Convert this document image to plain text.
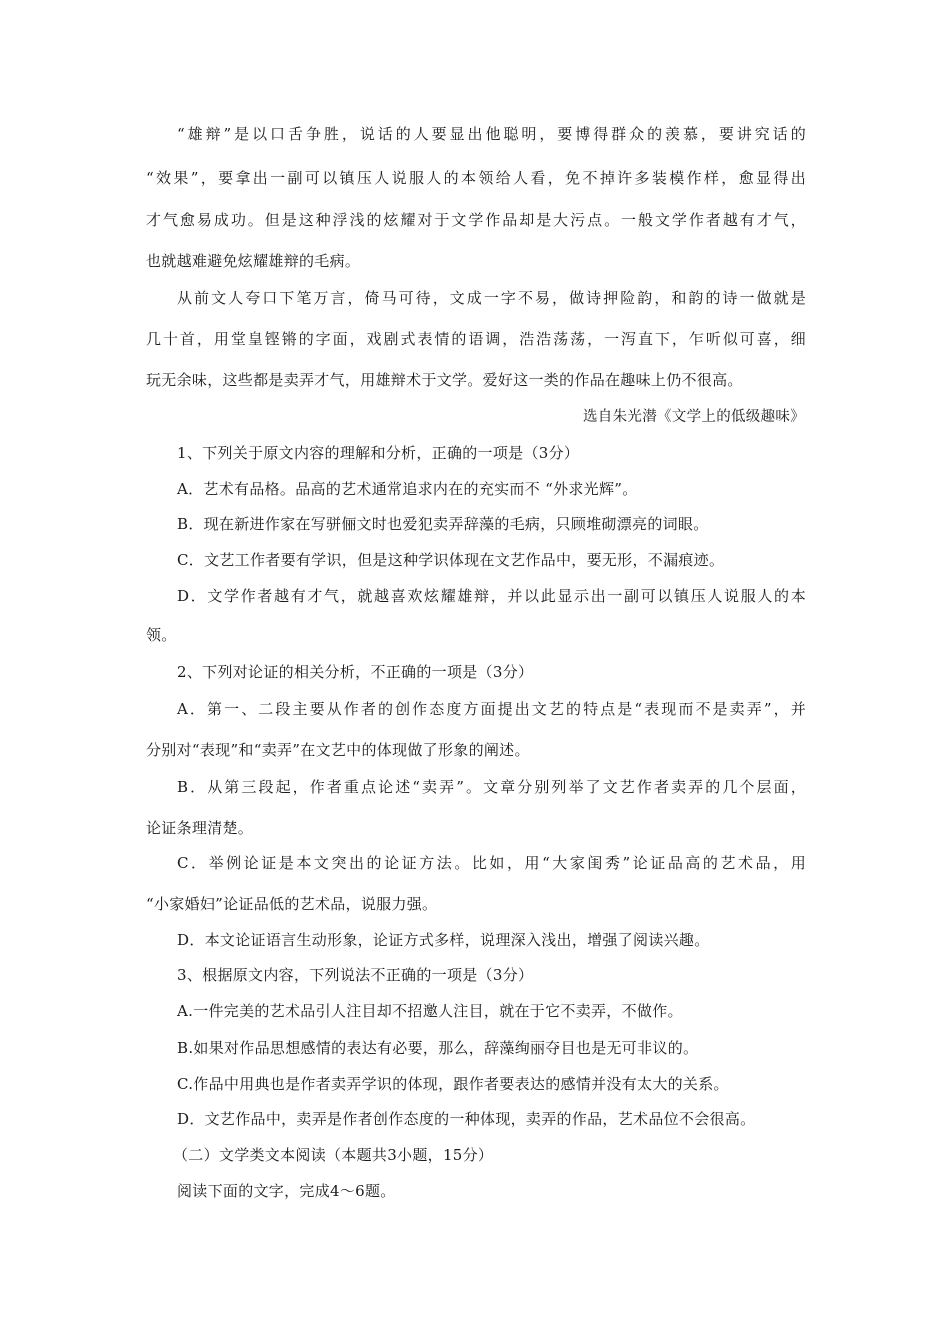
“雄辩”是以口舌争胜，说话的人要显出他聪明，要博得群众的羡慕，要讲究话的
“效果”，要拿出一副可以镇压人说服人的本领给人看，免不掉许多装模作样，愈显得出
才气愈易成功。但是这种浮浅的炫耀对于文学作品却是大污点。一般文学作者越有才气，
也就越难避免炫耀雄辩的毛病。
从前文人夸口下笔万言，倚马可待，文成一字不易，做诗押险韵，和韵的诗一做就是
几十首，用堂皇铿锵的字面，戏剧式表情的语调，浩浩荡荡，一泻直下，乍听似可喜，细
玩无余味，这些都是卖弄才气，用雄辩术于文学。爱好这一类的作品在趣味上仍不很高。
选自朱光潜《文学上的低级趣味》
1、下列关于原文内容的理解和分析，正确的一项是（3分）
A．艺术有品格。品高的艺术通常追求内在的充实而不 “外求光辉”。
B．现在新进作家在写骈俪文时也爱犯卖弄辞藻的毛病，只顾堆砌漂亮的词眼。
C．文艺工作者要有学识，但是这种学识体现在文艺作品中，要无形，不漏痕迹。
D．文学作者越有才气，就越喜欢炫耀雄辩，并以此显示出一副可以镇压人说服人的本
领。
2、下列对论证的相关分析，不正确的一项是（3分）
A．第一、二段主要从作者的创作态度方面提出文艺的特点是“表现而不是卖弄”，并
分别对“表现”和“卖弄”在文艺中的体现做了形象的阐述。
B．从第三段起，作者重点论述“卖弄”。文章分别列举了文艺作者卖弄的几个层面，
论证条理清楚。
C．举例论证是本文突出的论证方法。比如，用“大家闺秀”论证品高的艺术品，用
“小家婚妇”论证品低的艺术品，说服力强。
D．本文论证语言生动形象，论证方式多样，说理深入浅出，增强了阅读兴趣。
3、根据原文内容，下列说法不正确的一项是（3分）
A.一件完美的艺术品引人注目却不招邀人注目，就在于它不卖弄，不做作。
B.如果对作品思想感情的表达有必要，那么，辞藻绚丽夺目也是无可非议的。
C.作品中用典也是作者卖弄学识的体现，跟作者要表达的感情并没有太大的关系。
D．文艺作品中，卖弄是作者创作态度的一种体现，卖弄的作品，艺术品位不会很高。
（二）文学类文本阅读（本题共3小题，15分）
阅读下面的文字，完成4～6题。
